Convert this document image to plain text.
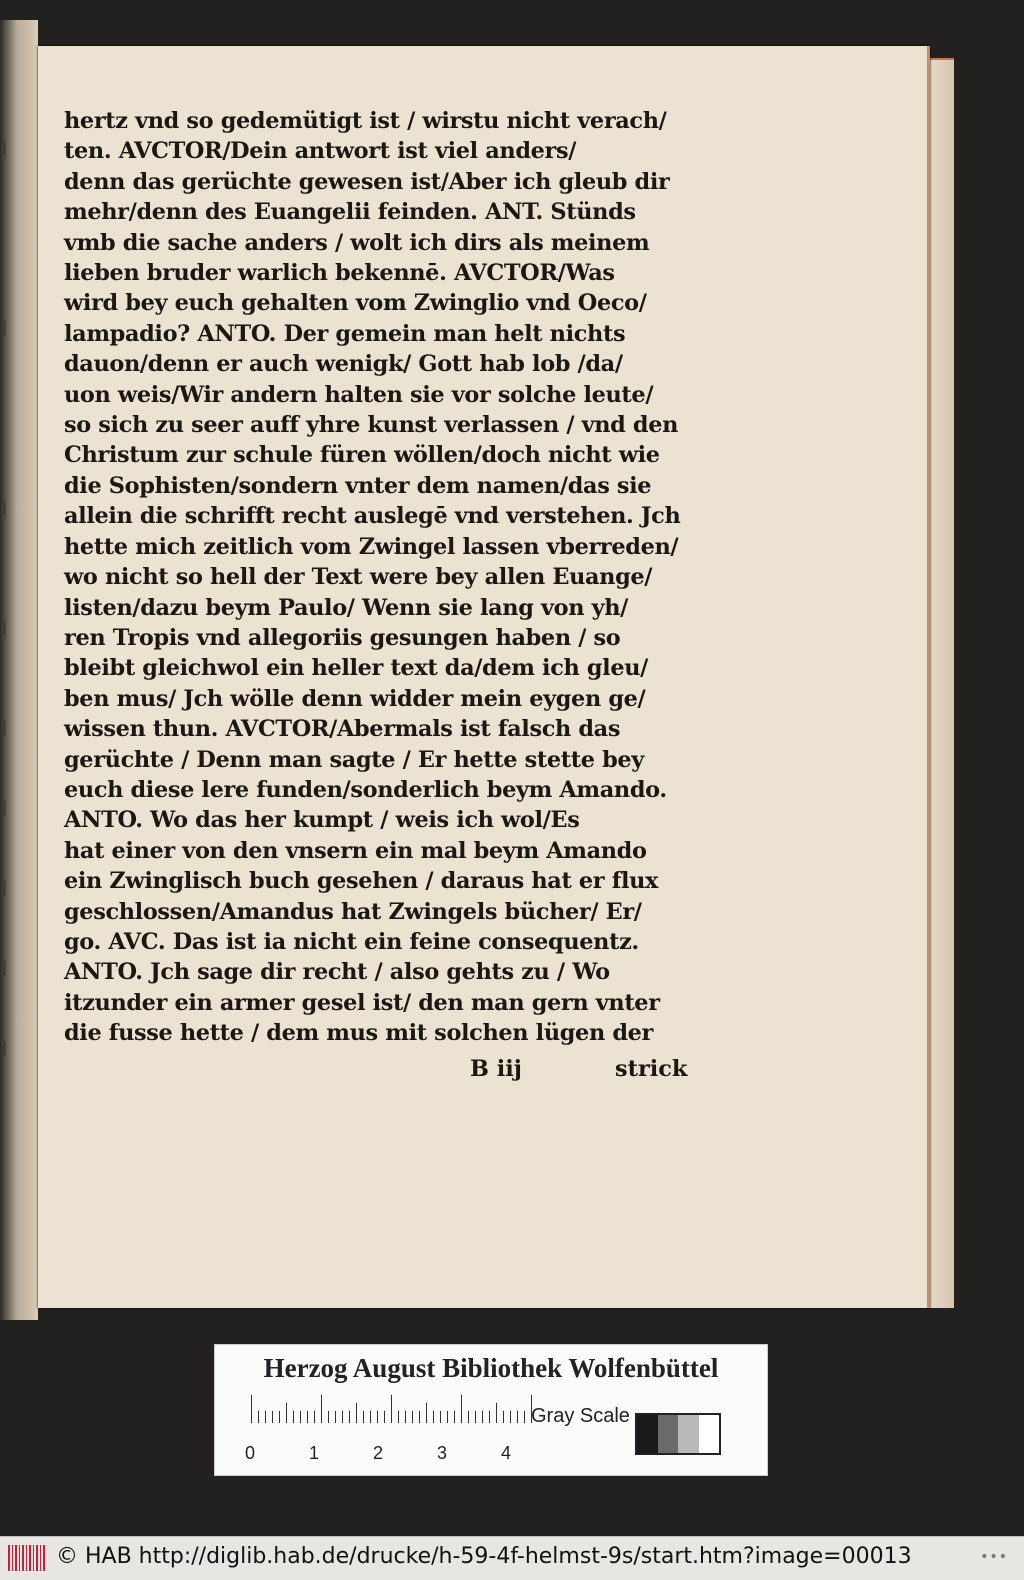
|
|
|
|
|
|
|
|
|
hertz vnd so gedemütigt ist / wirstu nicht verach/
ten. AVCTOR/Dein antwort ist viel anders/
denn das gerüchte gewesen ist/Aber ich gleub dir
mehr/denn des Euangelii feinden. ANT. Stünds
vmb die sache anders / wolt ich dirs als meinem
lieben bruder warlich bekennē. AVCTOR/Was
wird bey euch gehalten vom Zwinglio vnd Oeco/
lampadio? ANTO. Der gemein man helt nichts
dauon/denn er auch wenigk/ Gott hab lob /da/
uon weis/Wir andern halten sie vor solche leute/
so sich zu seer auff yhre kunst verlassen / vnd den
Christum zur schule füren wöllen/doch nicht wie
die Sophisten/sondern vnter dem namen/das sie
allein die schrifft recht auslegē vnd verstehen. Jch
hette mich zeitlich vom Zwingel lassen vberreden/
wo nicht so hell der Text were bey allen Euange/
listen/dazu beym Paulo/ Wenn sie lang von yh/
ren Tropis vnd allegoriis gesungen haben / so
bleibt gleichwol ein heller text da/dem ich gleu/
ben mus/ Jch wölle denn widder mein eygen ge/
wissen thun. AVCTOR/Abermals ist falsch das
gerüchte / Denn man sagte / Er hette stette bey
euch diese lere funden/sonderlich beym Amando.
ANTO. Wo das her kumpt / weis ich wol/Es
hat einer von den vnsern ein mal beym Amando
ein Zwinglisch buch gesehen / daraus hat er flux
geschlossen/Amandus hat Zwingels bücher/ Er/
go. AVC. Das ist ia nicht ein feine consequentz.
ANTO. Jch sage dir recht / also gehts zu / Wo
itzunder ein armer gesel ist/ den man gern vnter
die fusse hette / dem mus mit solchen lügen der
B iij	strick
Herzog August Bibliothek Wolfenbüttel
0	1	2	3	4
Gray Scale
© HAB http://diglib.hab.de/drucke/h-59-4f-helmst-9s/start.htm?image=00013	•••
